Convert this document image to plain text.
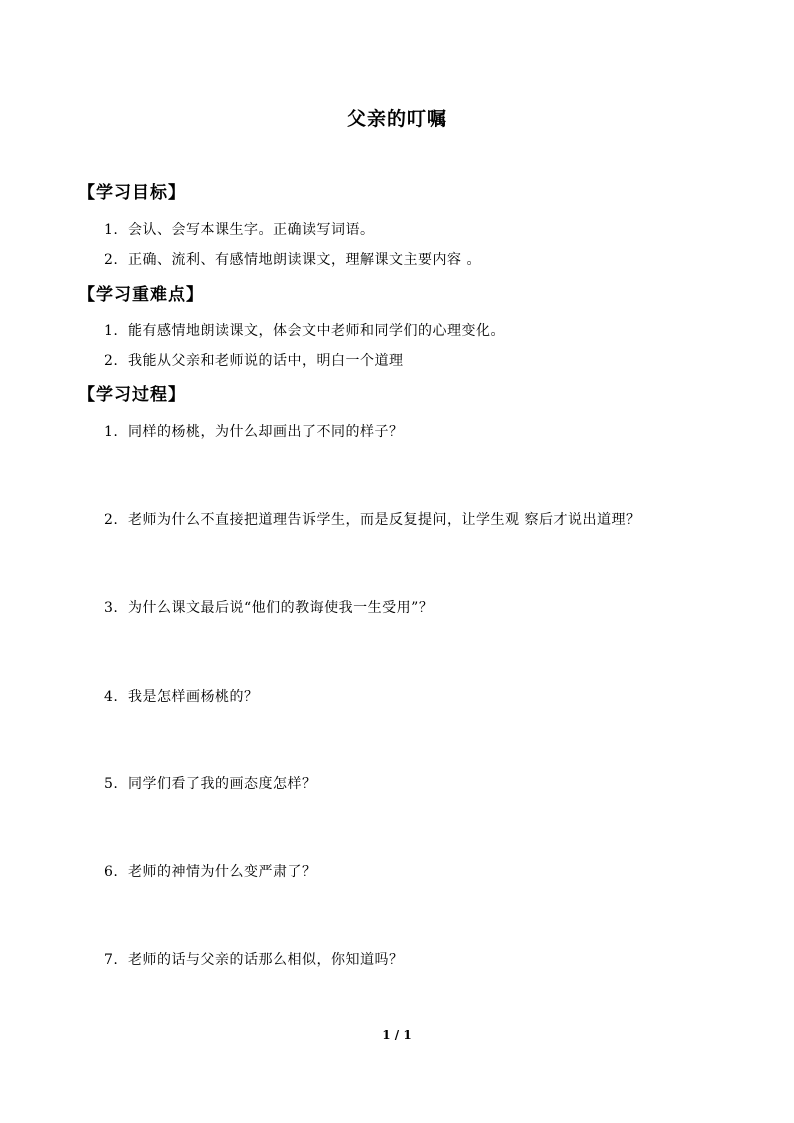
父亲的叮嘱
【学习目标】
1. 会认、会写本课生字。正确读写词语。
2. 正确、流利、有感情地朗读课文，理解课文主要内容 。
【学习重难点】
1. 能有感情地朗读课文，体会文中老师和同学们的心理变化。
2. 我能从父亲和老师说的话中，明白一个道理
【学习过程】
1. 同样的杨桃，为什么却画出了不同的样子？
2. 老师为什么不直接把道理告诉学生，而是反复提问，让学生观 察后才说出道理？
3. 为什么课文最后说“他们的教诲使我一生受用”？
4. 我是怎样画杨桃的？
5. 同学们看了我的画态度怎样？
6. 老师的神情为什么变严肃了？
7. 老师的话与父亲的话那么相似，你知道吗？
1 / 1
